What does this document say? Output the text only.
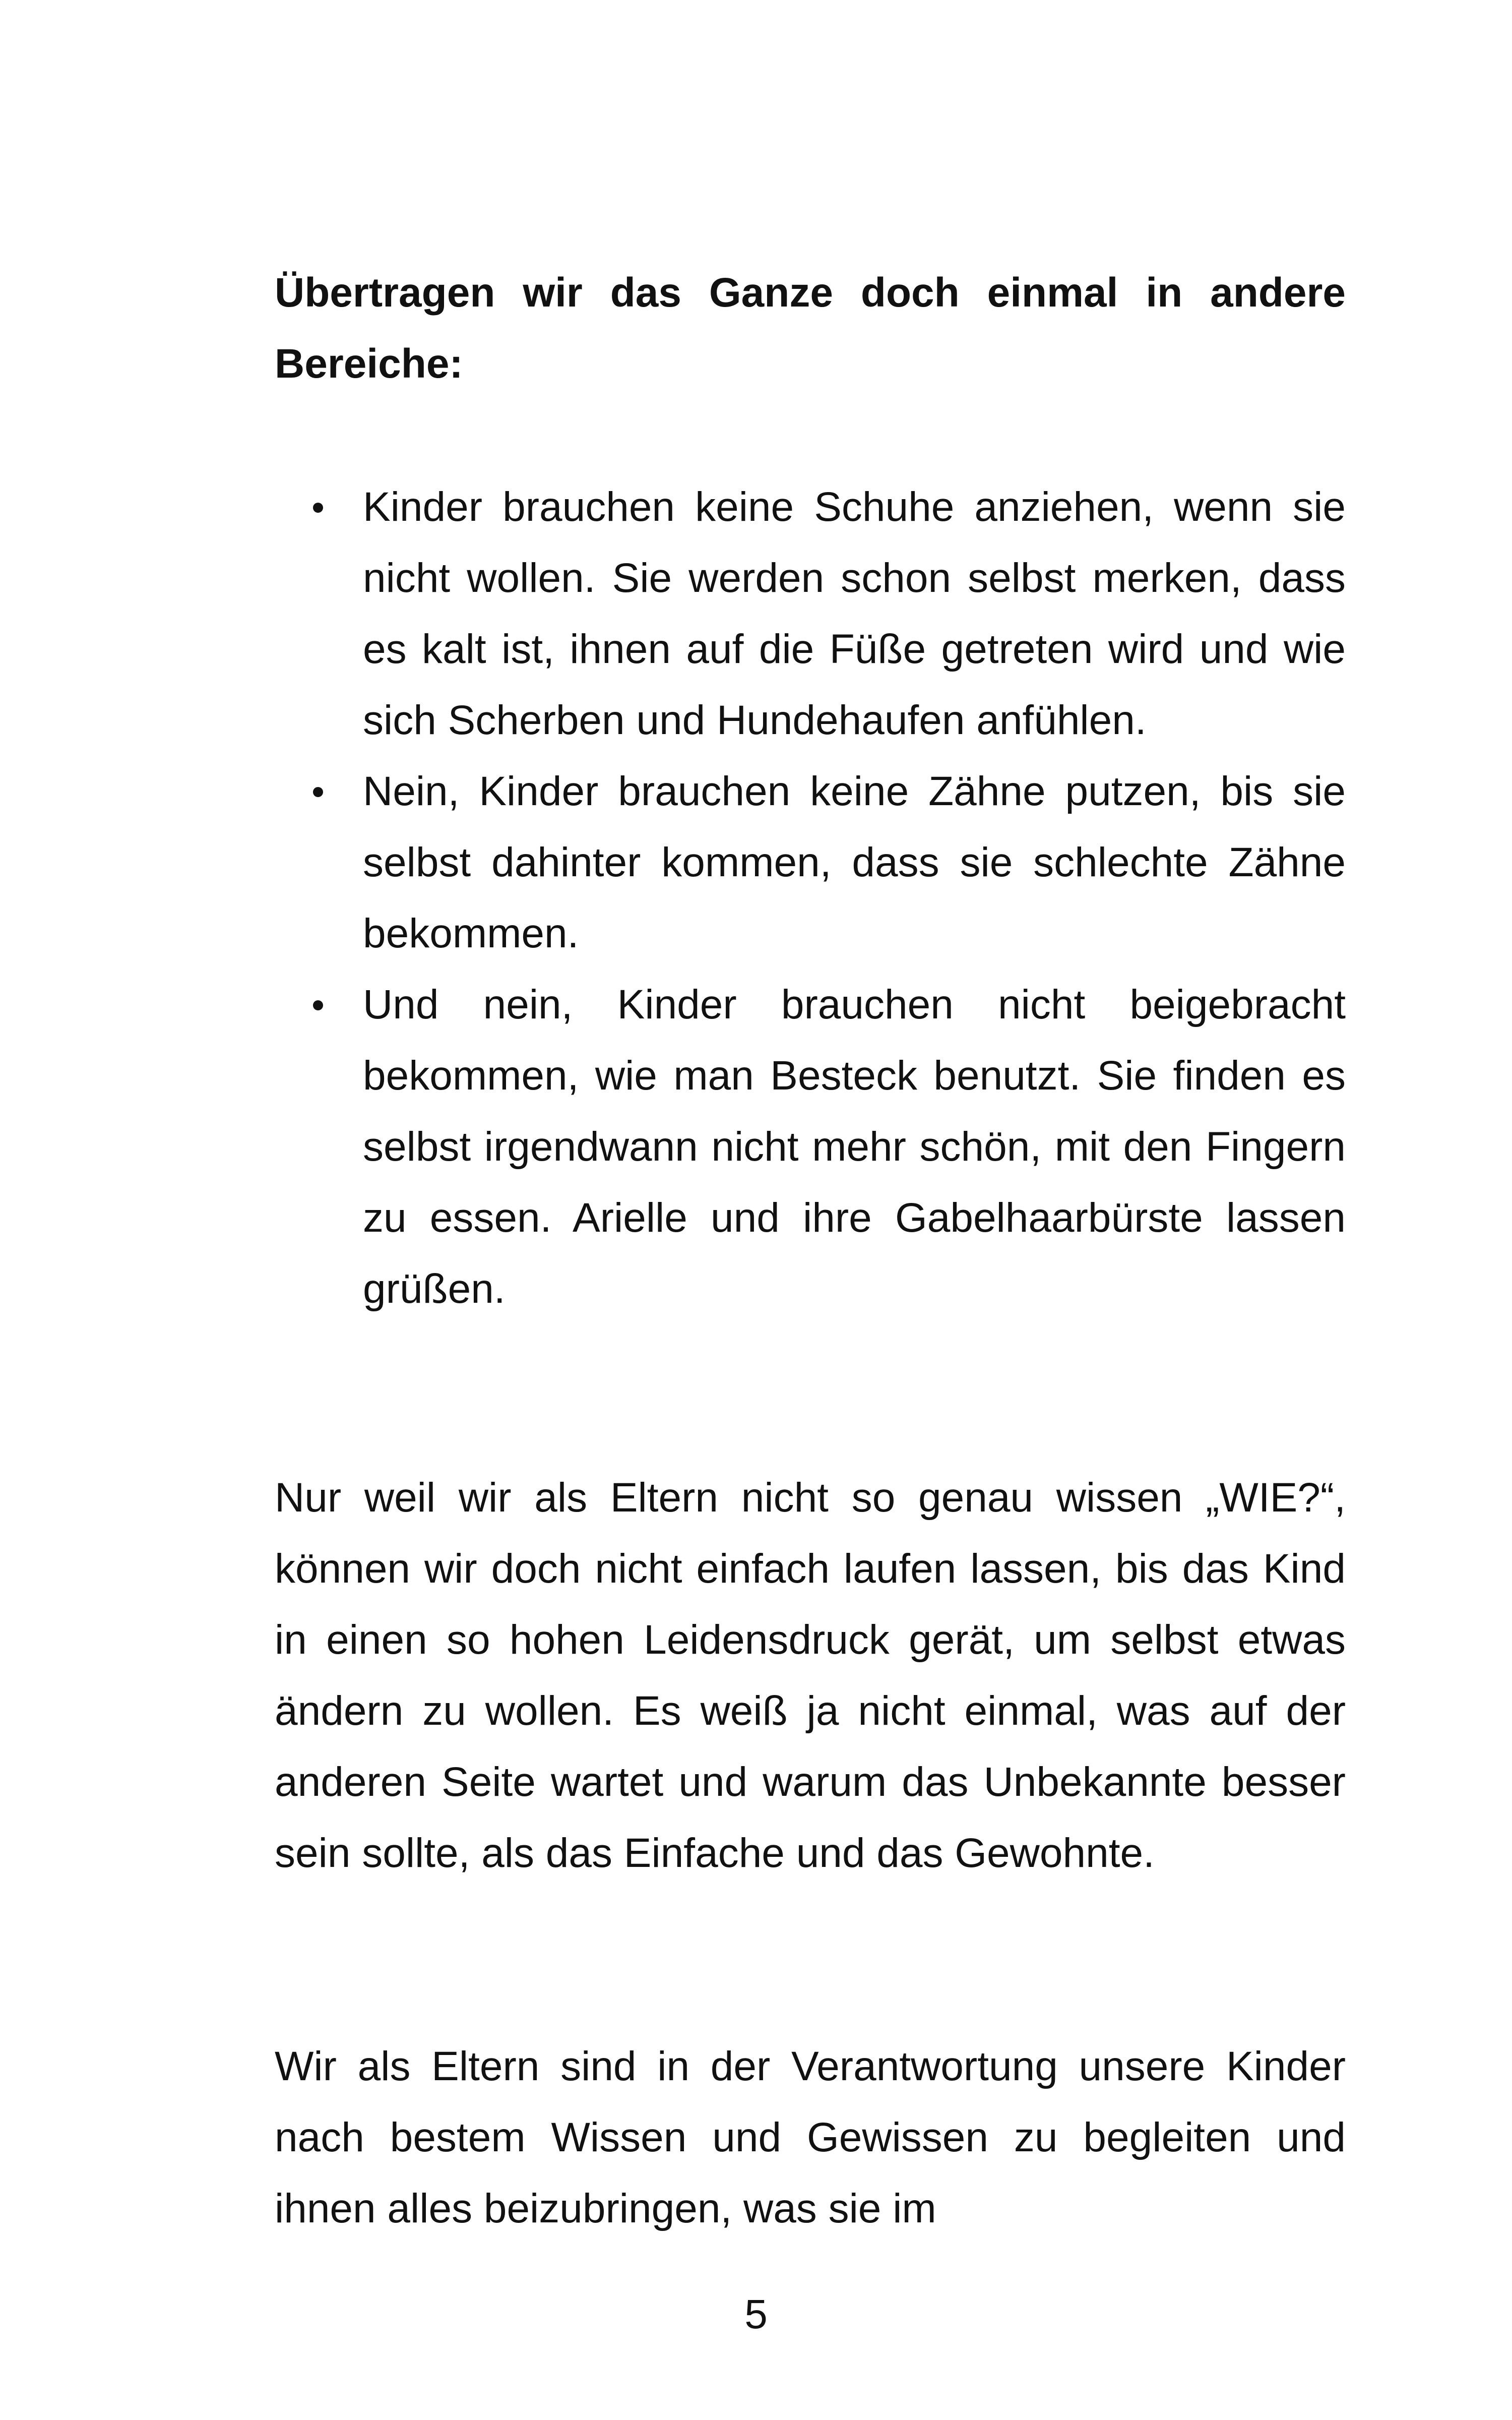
Übertragen wir das Ganze doch einmal in andere Bereiche:
Kinder brauchen keine Schuhe anziehen, wenn sie nicht wollen. Sie werden schon selbst merken, dass es kalt ist, ihnen auf die Füße getreten wird und wie sich Scherben und Hundehaufen anfühlen.
Nein, Kinder brauchen keine Zähne putzen, bis sie selbst dahinter kommen, dass sie schlechte Zähne bekommen.
Und nein, Kinder brauchen nicht beigebracht bekommen, wie man Besteck benutzt. Sie finden es selbst irgendwann nicht mehr schön, mit den Fingern zu essen. Arielle und ihre Gabelhaarbürste lassen grüßen.
Nur weil wir als Eltern nicht so genau wissen „WIE?“, können wir doch nicht einfach laufen lassen, bis das Kind in einen so hohen Leidensdruck gerät, um selbst etwas ändern zu wollen. Es weiß ja nicht einmal, was auf der anderen Seite wartet und warum das Unbekannte besser sein sollte, als das Einfache und das Gewohnte.
Wir als Eltern sind in der Verantwortung unsere Kinder nach bestem Wissen und Gewissen zu begleiten und ihnen alles beizubringen, was sie im
5
